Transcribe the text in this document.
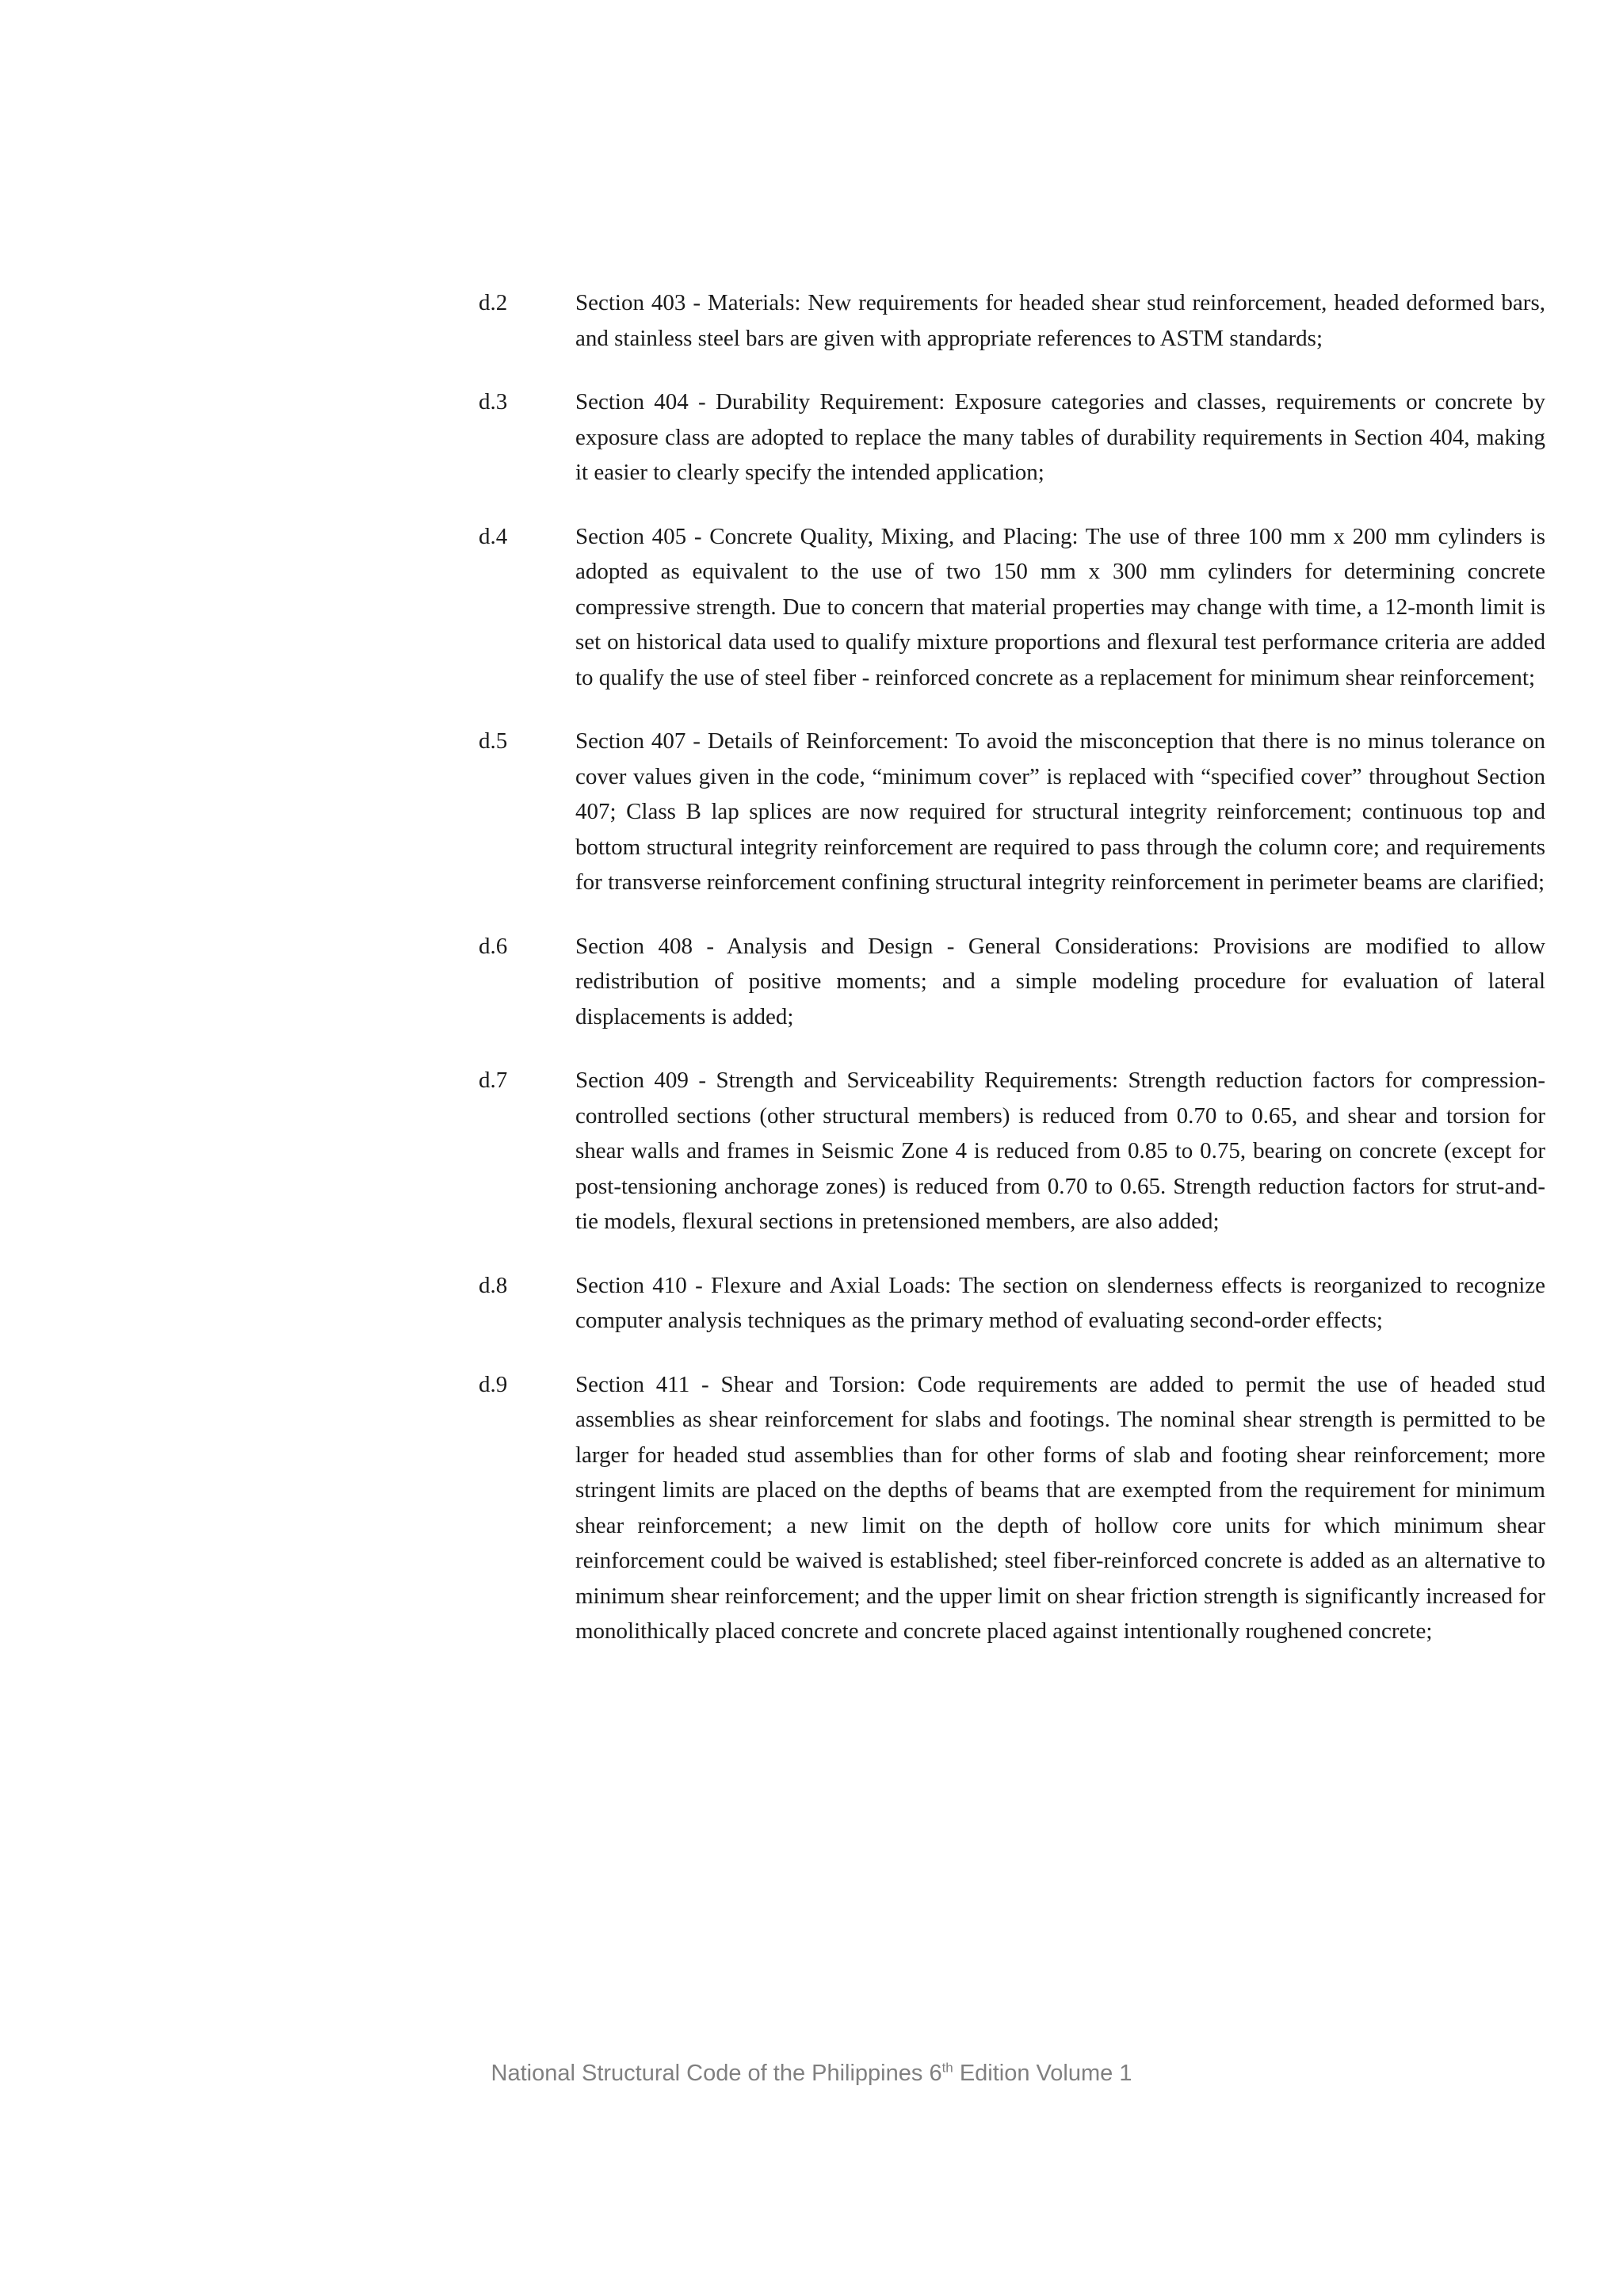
d.2	Section 403 - Materials: New requirements for headed shear stud reinforcement, headed deformed bars, and stainless steel bars are given with appropriate references to ASTM standards;
d.3	Section 404 - Durability Requirement: Exposure categories and classes, requirements or concrete by exposure class are adopted to replace the many tables of durability requirements in Section 404, making it easier to clearly specify the intended application;
d.4	Section 405 - Concrete Quality, Mixing, and Placing: The use of three 100 mm x 200 mm cylinders is adopted as equivalent to the use of two 150 mm x 300 mm cylinders for determining concrete compressive strength. Due to concern that material properties may change with time, a 12-month limit is set on historical data used to qualify mixture proportions and flexural test performance criteria are added to qualify the use of steel fiber - reinforced concrete as a replacement for minimum shear reinforcement;
d.5	Section 407 - Details of Reinforcement: To avoid the misconception that there is no minus tolerance on cover values given in the code, “minimum cover” is replaced with “specified cover” throughout Section 407; Class B lap splices are now required for structural integrity reinforcement; continuous top and bottom structural integrity reinforcement are required to pass through the column core; and requirements for transverse reinforcement confining structural integrity reinforcement in perimeter beams are clarified;
d.6	Section 408 - Analysis and Design - General Considerations: Provisions are modified to allow redistribution of positive moments; and a simple modeling procedure for evaluation of lateral displacements is added;
d.7	Section 409 - Strength and Serviceability Requirements: Strength reduction factors for compression-controlled sections (other structural members) is reduced from 0.70 to 0.65, and shear and torsion for shear walls and frames in Seismic Zone 4 is reduced from 0.85 to 0.75, bearing on concrete (except for post-tensioning anchorage zones) is reduced from 0.70 to 0.65. Strength reduction factors for strut-and-tie models, flexural sections in pretensioned members, are also added;
d.8	Section 410 - Flexure and Axial Loads: The section on slenderness effects is reorganized to recognize computer analysis techniques as the primary method of evaluating second-order effects;
d.9	Section 411 - Shear and Torsion: Code requirements are added to permit the use of headed stud assemblies as shear reinforcement for slabs and footings. The nominal shear strength is permitted to be larger for headed stud assemblies than for other forms of slab and footing shear reinforcement; more stringent limits are placed on the depths of beams that are exempted from the requirement for minimum shear reinforcement; a new limit on the depth of hollow core units for which minimum shear reinforcement could be waived is established; steel fiber-reinforced concrete is added as an alternative to minimum shear reinforcement; and the upper limit on shear friction strength is significantly increased for monolithically placed concrete and concrete placed against intentionally roughened concrete;
National Structural Code of the Philippines 6th Edition Volume 1
